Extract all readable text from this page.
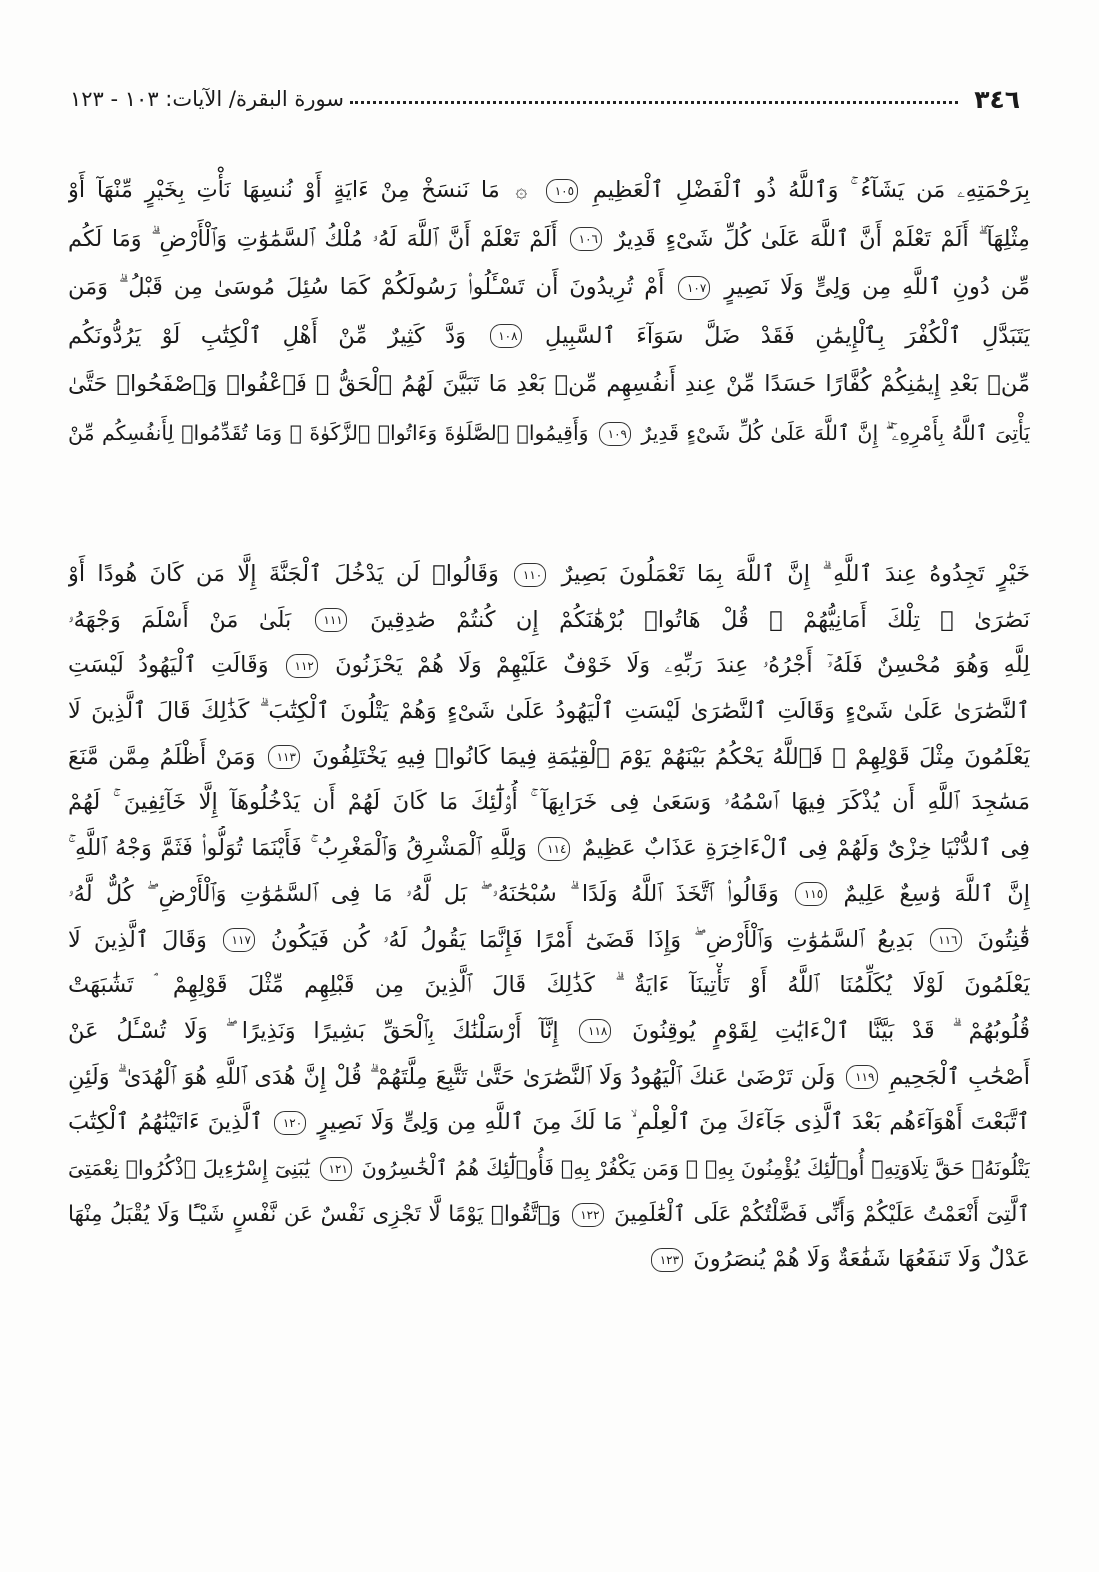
٣٤٦
سورة البقرة/ الآيات: ١٠٣ - ١٢٣
بِرَحْمَتِهِۦ مَن يَشَآءُ ۚ وَٱللَّهُ ذُو ٱلْفَضْلِ ٱلْعَظِيمِ ١٠٥ ۞ مَا نَنسَخْ مِنْ ءَايَةٍ أَوْ نُنسِهَا نَأْتِ بِخَيْرٍ مِّنْهَآ أَوْ
مِثْلِهَآ ۗ أَلَمْ تَعْلَمْ أَنَّ ٱللَّهَ عَلَىٰ كُلِّ شَىْءٍ قَدِيرٌ ١٠٦ أَلَمْ تَعْلَمْ أَنَّ ٱللَّهَ لَهُۥ مُلْكُ ٱلسَّمَٰوَٰتِ وَٱلْأَرْضِ ۗ وَمَا لَكُم
مِّن دُونِ ٱللَّهِ مِن وَلِىٍّ وَلَا نَصِيرٍ ١٠٧ أَمْ تُرِيدُونَ أَن تَسْـَٔلُوا۟ رَسُولَكُمْ كَمَا سُئِلَ مُوسَىٰ مِن قَبْلُ ۗ وَمَن
يَتَبَدَّلِ ٱلْكُفْرَ بِٱلْإِيمَٰنِ فَقَدْ ضَلَّ سَوَآءَ ٱلسَّبِيلِ ١٠٨ وَدَّ كَثِيرٌ مِّنْ أَهْلِ ٱلْكِتَٰبِ لَوْ يَرُدُّونَكُم
مِّنۢ بَعْدِ إِيمَٰنِكُمْ كُفَّارًا حَسَدًا مِّنْ عِندِ أَنفُسِهِم مِّنۢ بَعْدِ مَا تَبَيَّنَ لَهُمُ ٱلْحَقُّ ۖ فَٱعْفُوا۟ وَٱصْفَحُوا۟ حَتَّىٰ
يَأْتِىَ ٱللَّهُ بِأَمْرِهِۦٓ ۗ إِنَّ ٱللَّهَ عَلَىٰ كُلِّ شَىْءٍ قَدِيرٌ ١٠٩ وَأَقِيمُوا۟ ٱلصَّلَوٰةَ وَءَاتُوا۟ ٱلزَّكَوٰةَ ۚ وَمَا تُقَدِّمُوا۟ لِأَنفُسِكُم مِّنْ
خَيْرٍ تَجِدُوهُ عِندَ ٱللَّهِ ۗ إِنَّ ٱللَّهَ بِمَا تَعْمَلُونَ بَصِيرٌ ١١٠ وَقَالُوا۟ لَن يَدْخُلَ ٱلْجَنَّةَ إِلَّا مَن كَانَ هُودًا أَوْ
نَصَٰرَىٰ ۗ تِلْكَ أَمَانِيُّهُمْ ۗ قُلْ هَاتُوا۟ بُرْهَٰنَكُمْ إِن كُنتُمْ صَٰدِقِينَ ١١١ بَلَىٰ مَنْ أَسْلَمَ وَجْهَهُۥ
لِلَّهِ وَهُوَ مُحْسِنٌ فَلَهُۥٓ أَجْرُهُۥ عِندَ رَبِّهِۦ وَلَا خَوْفٌ عَلَيْهِمْ وَلَا هُمْ يَحْزَنُونَ ١١٢ وَقَالَتِ ٱلْيَهُودُ لَيْسَتِ
ٱلنَّصَٰرَىٰ عَلَىٰ شَىْءٍ وَقَالَتِ ٱلنَّصَٰرَىٰ لَيْسَتِ ٱلْيَهُودُ عَلَىٰ شَىْءٍ وَهُمْ يَتْلُونَ ٱلْكِتَٰبَ ۗ كَذَٰلِكَ قَالَ ٱلَّذِينَ لَا
يَعْلَمُونَ مِثْلَ قَوْلِهِمْ ۚ فَٱللَّهُ يَحْكُمُ بَيْنَهُمْ يَوْمَ ٱلْقِيَٰمَةِ فِيمَا كَانُوا۟ فِيهِ يَخْتَلِفُونَ ١١٣ وَمَنْ أَظْلَمُ مِمَّن مَّنَعَ
مَسَٰجِدَ ٱللَّهِ أَن يُذْكَرَ فِيهَا ٱسْمُهُۥ وَسَعَىٰ فِى خَرَابِهَآ ۚ أُو۟لَٰٓئِكَ مَا كَانَ لَهُمْ أَن يَدْخُلُوهَآ إِلَّا خَآئِفِينَ ۚ لَهُمْ
فِى ٱلدُّنْيَا خِزْىٌ وَلَهُمْ فِى ٱلْءَاخِرَةِ عَذَابٌ عَظِيمٌ ١١٤ وَلِلَّهِ ٱلْمَشْرِقُ وَٱلْمَغْرِبُ ۚ فَأَيْنَمَا تُوَلُّوا۟ فَثَمَّ وَجْهُ ٱللَّهِ ۚ
إِنَّ ٱللَّهَ وَٰسِعٌ عَلِيمٌ ١١٥ وَقَالُوا۟ ٱتَّخَذَ ٱللَّهُ وَلَدًا ۗ سُبْحَٰنَهُۥ ۖ بَل لَّهُۥ مَا فِى ٱلسَّمَٰوَٰتِ وَٱلْأَرْضِ ۖ كُلٌّ لَّهُۥ
قَٰنِتُونَ ١١٦ بَدِيعُ ٱلسَّمَٰوَٰتِ وَٱلْأَرْضِ ۖ وَإِذَا قَضَىٰٓ أَمْرًا فَإِنَّمَا يَقُولُ لَهُۥ كُن فَيَكُونُ ١١٧ وَقَالَ ٱلَّذِينَ لَا
يَعْلَمُونَ لَوْلَا يُكَلِّمُنَا ٱللَّهُ أَوْ تَأْتِينَآ ءَايَةٌ ۗ كَذَٰلِكَ قَالَ ٱلَّذِينَ مِن قَبْلِهِم مِّثْلَ قَوْلِهِمْ ۘ تَشَٰبَهَتْ
قُلُوبُهُمْ ۗ قَدْ بَيَّنَّا ٱلْءَايَٰتِ لِقَوْمٍ يُوقِنُونَ ١١٨ إِنَّآ أَرْسَلْنَٰكَ بِٱلْحَقِّ بَشِيرًا وَنَذِيرًا ۖ وَلَا تُسْـَٔلُ عَنْ
أَصْحَٰبِ ٱلْجَحِيمِ ١١٩ وَلَن تَرْضَىٰ عَنكَ ٱلْيَهُودُ وَلَا ٱلنَّصَٰرَىٰ حَتَّىٰ تَتَّبِعَ مِلَّتَهُمْ ۗ قُلْ إِنَّ هُدَى ٱللَّهِ هُوَ ٱلْهُدَىٰ ۗ وَلَئِنِ
ٱتَّبَعْتَ أَهْوَآءَهُم بَعْدَ ٱلَّذِى جَآءَكَ مِنَ ٱلْعِلْمِ ۙ مَا لَكَ مِنَ ٱللَّهِ مِن وَلِىٍّ وَلَا نَصِيرٍ ١٢٠ ٱلَّذِينَ ءَاتَيْنَٰهُمُ ٱلْكِتَٰبَ
يَتْلُونَهُۥ حَقَّ تِلَاوَتِهِۦٓ أُو۟لَٰٓئِكَ يُؤْمِنُونَ بِهِۦ ۗ وَمَن يَكْفُرْ بِهِۦ فَأُو۟لَٰٓئِكَ هُمُ ٱلْخَٰسِرُونَ ١٢١ يَٰبَنِىٓ إِسْرَٰٓءِيلَ ٱذْكُرُوا۟ نِعْمَتِىَ
ٱلَّتِىٓ أَنْعَمْتُ عَلَيْكُمْ وَأَنِّى فَضَّلْتُكُمْ عَلَى ٱلْعَٰلَمِينَ ١٢٢ وَٱتَّقُوا۟ يَوْمًا لَّا تَجْزِى نَفْسٌ عَن نَّفْسٍ شَيْـًٔا وَلَا يُقْبَلُ مِنْهَا
عَدْلٌ وَلَا تَنفَعُهَا شَفَٰعَةٌ وَلَا هُمْ يُنصَرُونَ ١٢٣
